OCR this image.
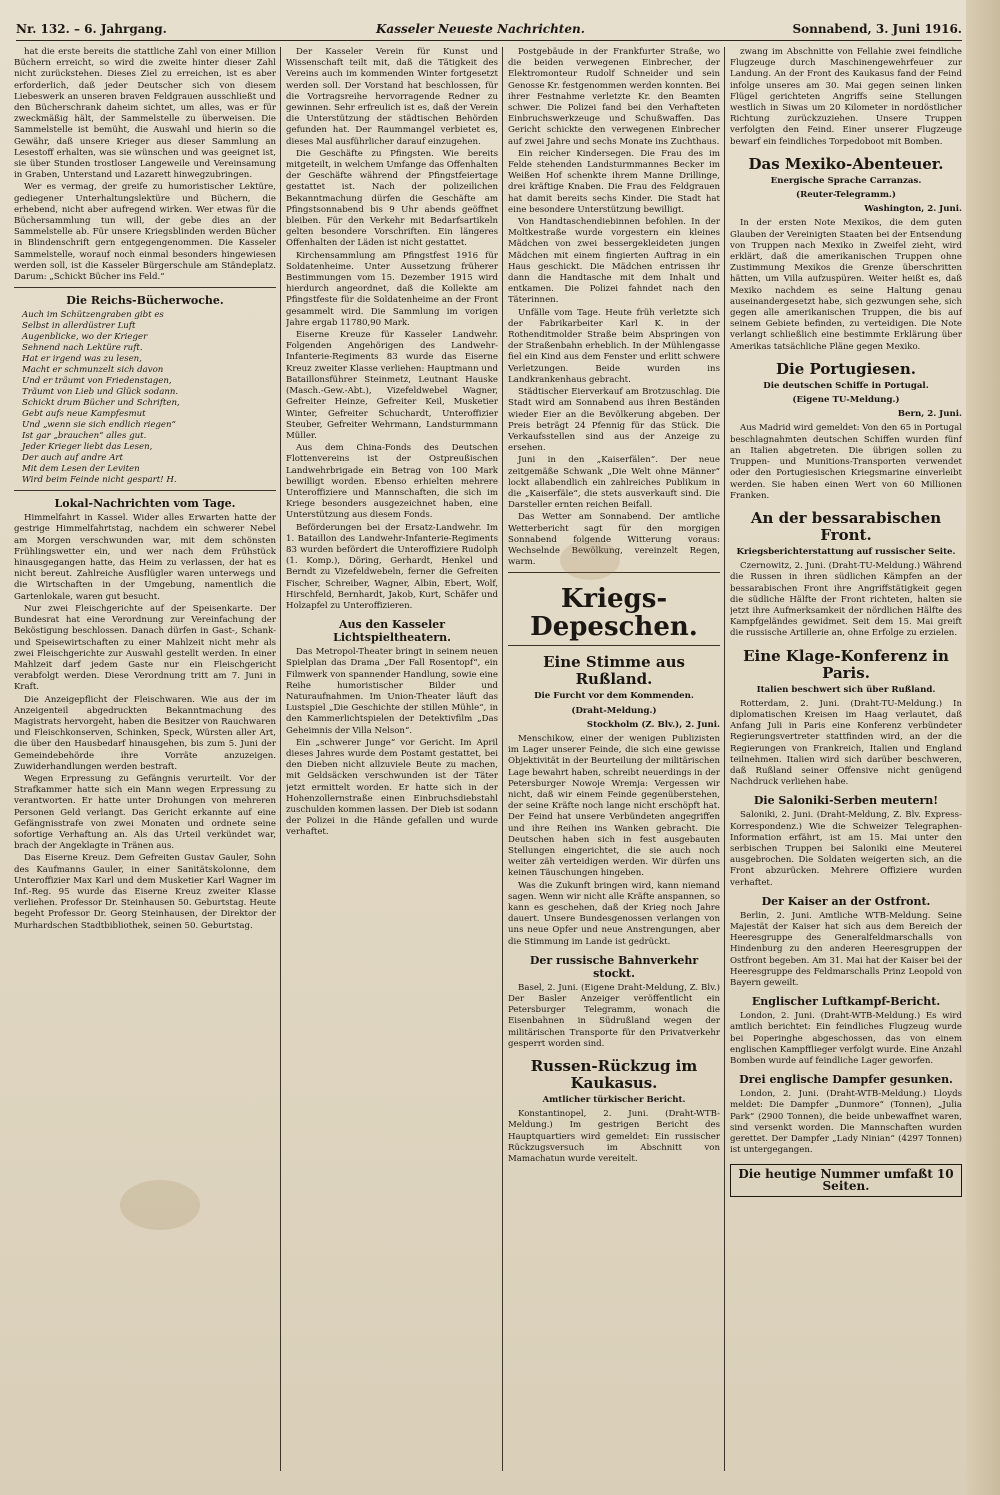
Nr. 132. – 6. Jahrgang.	Kasseler Neueste Nachrichten.	Sonnabend, 3. Juni 1916.

hat die erste bereits die stattliche Zahl von einer Million Büchern erreicht, so wird die zweite hinter dieser Zahl nicht zurückstehen. Dieses Ziel zu erreichen, ist es aber erforderlich, daß jeder Deutscher sich von diesem Liebeswerk an unseren braven Feldgrauen ausschließt und den Bücherschrank daheim sichtet, um alles, was er für zweckmäßig hält, der Sammelstelle zu überweisen. Die Sammelstelle ist bemüht, die Auswahl und hierin so die Gewähr, daß unsere Krieger aus dieser Sammlung an Lesestoff erhalten, was sie wünschen und was geeignet ist, sie über Stunden trostloser Langeweile und Vereinsamung in Graben, Unterstand und Lazarett hinwegzubringen.

Wer es vermag, der greife zu humoristischer Lektüre, gediegener Unterhaltungslektüre und Büchern, die erhebend, nicht aber aufregend wirken. Wer etwas für die Büchersammlung tun will, der gebe dies an der Sammelstelle ab. Für unsere Kriegsblinden werden Bücher in Blindenschrift gern entgegengenommen. Die Kasseler Sammelstelle, worauf noch einmal besonders hingewiesen werden soll, ist die Kasseler Bürgerschule am Ständeplatz. Darum: „Schickt Bücher ins Feld.“

Die Reichs-Bücherwoche.
Auch im Schützengraben gibt es
Selbst in allerdüstrer Luft
Augenblicke, wo der Krieger
Sehnend nach Lektüre ruft.
Hat er irgend was zu lesen,
Macht er schmunzelt sich davon
Und er träumt von Friedenstagen,
Träumt von Lieb und Glück sodann.
Schickt drum Bücher und Schriften,
Gebt aufs neue Kampfesmut
Und „wenn sie sich endlich riegen“
Ist gar „brauchen“ alles gut.
Jeder Krieger liebt das Lesen,
Der auch auf andre Art
Mit dem Lesen der Leviten
Wird beim Feinde nicht gespart! H.
Lokal-Nachrichten vom Tage.

Himmelfahrt in Kassel. Wider alles Erwarten hatte der gestrige Himmelfahrtstag, nachdem ein schwerer Nebel am Morgen verschwunden war, mit dem schönsten Frühlingswetter ein, und wer nach dem Frühstück hinausgegangen hatte, das Heim zu verlassen, der hat es nicht bereut. Zahlreiche Ausflügler waren unterwegs und die Wirtschaften in der Umgebung, namentlich die Gartenlokale, waren gut besucht.

Nur zwei Fleischgerichte auf der Speisenkarte. Der Bundesrat hat eine Verordnung zur Vereinfachung der Beköstigung beschlossen. Danach dürfen in Gast-, Schank- und Speisewirtschaften zu einer Mahlzeit nicht mehr als zwei Fleischgerichte zur Auswahl gestellt werden. In einer Mahlzeit darf jedem Gaste nur ein Fleischgericht verabfolgt werden. Diese Verordnung tritt am 7. Juni in Kraft.

Die Anzeigepflicht der Fleischwaren. Wie aus der im Anzeigenteil abgedruckten Bekanntmachung des Magistrats hervorgeht, haben die Besitzer von Rauchwaren und Fleischkonserven, Schinken, Speck, Würsten aller Art, die über den Hausbedarf hinausgehen, bis zum 5. Juni der Gemeindebehörde ihre Vorräte anzuzeigen. Zuwiderhandlungen werden bestraft.

Wegen Erpressung zu Gefängnis verurteilt. Vor der Strafkammer hatte sich ein Mann wegen Erpressung zu verantworten. Er hatte unter Drohungen von mehreren Personen Geld verlangt. Das Gericht erkannte auf eine Gefängnisstrafe von zwei Monaten und ordnete seine sofortige Verhaftung an. Als das Urteil verkündet war, brach der Angeklagte in Tränen aus.

Das Eiserne Kreuz. Dem Gefreiten Gustav Gauler, Sohn des Kaufmanns Gauler, in einer Sanitätskolonne, dem Unteroffizier Max Karl und dem Musketier Karl Wagner im Inf.-Reg. 95 wurde das Eiserne Kreuz zweiter Klasse verliehen. Professor Dr. Steinhausen 50. Geburtstag. Heute begeht Professor Dr. Georg Steinhausen, der Direktor der Murhardschen Stadtbibliothek, seinen 50. Geburtstag.

Der Kasseler Verein für Kunst und Wissenschaft teilt mit, daß die Tätigkeit des Vereins auch im kommenden Winter fortgesetzt werden soll. Der Vorstand hat beschlossen, für die Vortragsreihe hervorragende Redner zu gewinnen. Sehr erfreulich ist es, daß der Verein die Unterstützung der städtischen Behörden gefunden hat. Der Raummangel verbietet es, dieses Mal ausführlicher darauf einzugehen.

Die Geschäfte zu Pfingsten. Wie bereits mitgeteilt, in welchem Umfange das Offenhalten der Geschäfte während der Pfingstfeiertage gestattet ist. Nach der polizeilichen Bekanntmachung dürfen die Geschäfte am Pfingstsonnabend bis 9 Uhr abends geöffnet bleiben. Für den Verkehr mit Bedarfsartikeln gelten besondere Vorschriften. Ein längeres Offenhalten der Läden ist nicht gestattet.

Kirchensammlung am Pfingstfest 1916 für Soldatenheime. Unter Aussetzung früherer Bestimmungen vom 15. Dezember 1915 wird hierdurch angeordnet, daß die Kollekte am Pfingstfeste für die Soldatenheime an der Front gesammelt wird. Die Sammlung im vorigen Jahre ergab 11780,90 Mark.

Eiserne Kreuze für Kasseler Landwehr. Folgenden Angehörigen des Landwehr-Infanterie-Regiments 83 wurde das Eiserne Kreuz zweiter Klasse verliehen: Hauptmann und Bataillonsführer Steinmetz, Leutnant Hauske (Masch.-Gew.-Abt.), Vizefeldwebel Wagner, Gefreiter Heinze, Gefreiter Keil, Musketier Winter, Gefreiter Schuchardt, Unteroffizier Steuber, Gefreiter Wehrmann, Landsturmmann Müller.

Aus dem China-Fonds des Deutschen Flottenvereins ist der Ostpreußischen Landwehrbrigade ein Betrag von 100 Mark bewilligt worden. Ebenso erhielten mehrere Unteroffiziere und Mannschaften, die sich im Kriege besonders ausgezeichnet haben, eine Unterstützung aus diesem Fonds.

Beförderungen bei der Ersatz-Landwehr. Im 1. Bataillon des Landwehr-Infanterie-Regiments 83 wurden befördert die Unteroffiziere Rudolph (1. Komp.), Döring, Gerhardt, Henkel und Berndt zu Vizefeldwebeln, ferner die Gefreiten Fischer, Schreiber, Wagner, Albin, Ebert, Wolf, Hirschfeld, Bernhardt, Jakob, Kurt, Schäfer und Holzapfel zu Unteroffizieren.

Aus den Kasseler Lichtspieltheatern.

Das Metropol-Theater bringt in seinem neuen Spielplan das Drama „Der Fall Rosentopf“, ein Filmwerk von spannender Handlung, sowie eine Reihe humoristischer Bilder und Naturaufnahmen. Im Union-Theater läuft das Lustspiel „Die Geschichte der stillen Mühle“, in den Kammerlichtspielen der Detektivfilm „Das Geheimnis der Villa Nelson“.

Ein „schwerer Junge“ vor Gericht. Im April dieses Jahres wurde dem Postamt gestattet, bei den Dieben nicht allzuviele Beute zu machen, mit Geldsäcken verschwunden ist der Täter jetzt ermittelt worden. Er hatte sich in der Hohenzollernstraße einen Einbruchsdiebstahl zuschulden kommen lassen. Der Dieb ist sodann der Polizei in die Hände gefallen und wurde verhaftet.

Postgebäude in der Frankfurter Straße, wo die beiden verwegenen Einbrecher, der Elektromonteur Rudolf Schneider und sein Genosse Kr. festgenommen werden konnten. Bei ihrer Festnahme verletzte Kr. den Beamten schwer. Die Polizei fand bei den Verhafteten Einbruchswerkzeuge und Schußwaffen. Das Gericht schickte den verwegenen Einbrecher auf zwei Jahre und sechs Monate ins Zuchthaus.

Ein reicher Kindersegen. Die Frau des im Felde stehenden Landsturmmannes Becker im Weißen Hof schenkte ihrem Manne Drillinge, drei kräftige Knaben. Die Frau des Feldgrauen hat damit bereits sechs Kinder. Die Stadt hat eine besondere Unterstützung bewilligt.

Von Handtaschendiebinnen befohlen. In der Moltkestraße wurde vorgestern ein kleines Mädchen von zwei bessergekleideten jungen Mädchen mit einem fingierten Auftrag in ein Haus geschickt. Die Mädchen entrissen ihr dann die Handtasche mit dem Inhalt und entkamen. Die Polizei fahndet nach den Täterinnen.

Unfälle vom Tage. Heute früh verletzte sich der Fabrikarbeiter Karl K. in der Rothenditmolder Straße beim Abspringen von der Straßenbahn erheblich. In der Mühlengasse fiel ein Kind aus dem Fenster und erlitt schwere Verletzungen. Beide wurden ins Landkrankenhaus gebracht.

Städtischer Eierverkauf am Brotzuschlag. Die Stadt wird am Sonnabend aus ihren Beständen wieder Eier an die Bevölkerung abgeben. Der Preis beträgt 24 Pfennig für das Stück. Die Verkaufsstellen sind aus der Anzeige zu ersehen.

Juni in den „Kaiserfälen“. Der neue zeitgemäße Schwank „Die Welt ohne Männer“ lockt allabendlich ein zahlreiches Publikum in die „Kaiserfäle“, die stets ausverkauft sind. Die Darsteller ernten reichen Beifall.

Das Wetter am Sonnabend. Der amtliche Wetterbericht sagt für den morgigen Sonnabend folgende Witterung voraus: Wechselnde Bewölkung, vereinzelt Regen, warm.

Kriegs-Depeschen.
Eine Stimme aus Rußland.
Die Furcht vor dem Kommenden.
(Draht-Meldung.)
Stockholm (Z. Blv.), 2. Juni.

Menschikow, einer der wenigen Publizisten im Lager unserer Feinde, die sich eine gewisse Objektivität in der Beurteilung der militärischen Lage bewahrt haben, schreibt neuerdings in der Petersburger Nowoje Wremja: Vergessen wir nicht, daß wir einem Feinde gegenüberstehen, der seine Kräfte noch lange nicht erschöpft hat. Der Feind hat unsere Verbündeten angegriffen und ihre Reihen ins Wanken gebracht. Die Deutschen haben sich in fest ausgebauten Stellungen eingerichtet, die sie auch noch weiter zäh verteidigen werden. Wir dürfen uns keinen Täuschungen hingeben.

Was die Zukunft bringen wird, kann niemand sagen. Wenn wir nicht alle Kräfte anspannen, so kann es geschehen, daß der Krieg noch Jahre dauert. Unsere Bundesgenossen verlangen von uns neue Opfer und neue Anstrengungen, aber die Stimmung im Lande ist gedrückt.

Der russische Bahnverkehr stockt.

Basel, 2. Juni. (Eigene Draht-Meldung, Z. Blv.) Der Basler Anzeiger veröffentlicht ein Petersburger Telegramm, wonach die Eisenbahnen in Südrußland wegen der militärischen Transporte für den Privatverkehr gesperrt worden sind.

Russen-Rückzug im Kaukasus.
Amtlicher türkischer Bericht.

Konstantinopel, 2. Juni. (Draht-WTB-Meldung.) Im gestrigen Bericht des Hauptquartiers wird gemeldet: Ein russischer Rückzugsversuch im Abschnitt von Mamachatun wurde vereitelt.

zwang im Abschnitte von Fellahie zwei feindliche Flugzeuge durch Maschinengewehrfeuer zur Landung. An der Front des Kaukasus fand der Feind infolge unseres am 30. Mai gegen seinen linken Flügel gerichteten Angriffs seine Stellungen westlich in Siwas um 20 Kilometer in nordöstlicher Richtung zurückzuziehen. Unsere Truppen verfolgten den Feind. Einer unserer Flugzeuge bewarf ein feindliches Torpedoboot mit Bomben.

Das Mexiko-Abenteuer.
Energische Sprache Carranzas.
(Reuter-Telegramm.)
Washington, 2. Juni.

In der ersten Note Mexikos, die dem guten Glauben der Vereinigten Staaten bei der Entsendung von Truppen nach Mexiko in Zweifel zieht, wird erklärt, daß die amerikanischen Truppen ohne Zustimmung Mexikos die Grenze überschritten hätten, um Villa aufzuspüren. Weiter heißt es, daß Mexiko nachdem es seine Haltung genau auseinandergesetzt habe, sich gezwungen sehe, sich gegen alle amerikanischen Truppen, die bis auf seinem Gebiete befinden, zu verteidigen. Die Note verlangt schließlich eine bestimmte Erklärung über Amerikas tatsächliche Pläne gegen Mexiko.

Die Portugiesen.
Die deutschen Schiffe in Portugal.
(Eigene TU-Meldung.)
Bern, 2. Juni.

Aus Madrid wird gemeldet: Von den 65 in Portugal beschlagnahmten deutschen Schiffen wurden fünf an Italien abgetreten. Die übrigen sollen zu Truppen- und Munitions-Transporten verwendet oder den Portugiesischen Kriegsmarine einverleibt werden. Sie haben einen Wert von 60 Millionen Franken.

An der bessarabischen Front.
Kriegsberichterstattung auf russischer Seite.

Czernowitz, 2. Juni. (Draht-TU-Meldung.) Während die Russen in ihren südlichen Kämpfen an der bessarabischen Front ihre Angriffstätigkeit gegen die südliche Hälfte der Front richteten, halten sie jetzt ihre Aufmerksamkeit der nördlichen Hälfte des Kampfgeländes gewidmet. Seit dem 15. Mai greift die russische Artillerie an, ohne Erfolge zu erzielen.

Eine Klage-Konferenz in Paris.
Italien beschwert sich über Rußland.

Rotterdam, 2. Juni. (Draht-TU-Meldung.) In diplomatischen Kreisen im Haag verlautet, daß Anfang Juli in Paris eine Konferenz verbündeter Regierungsvertreter stattfinden wird, an der die Regierungen von Frankreich, Italien und England teilnehmen. Italien wird sich darüber beschweren, daß Rußland seiner Offensive nicht genügend Nachdruck verliehen habe.

Die Saloniki-Serben meutern!

Saloniki, 2. Juni. (Draht-Meldung, Z. Blv. Express-Korrespondenz.) Wie die Schweizer Telegraphen-Information erfährt, ist am 15. Mai unter den serbischen Truppen bei Saloniki eine Meuterei ausgebrochen. Die Soldaten weigerten sich, an die Front abzurücken. Mehrere Offiziere wurden verhaftet.

Der Kaiser an der Ostfront.

Berlin, 2. Juni. Amtliche WTB-Meldung. Seine Majestät der Kaiser hat sich aus dem Bereich der Heeresgruppe des Generalfeldmarschalls von Hindenburg zu den anderen Heeresgruppen der Ostfront begeben. Am 31. Mai hat der Kaiser bei der Heeresgruppe des Feldmarschalls Prinz Leopold von Bayern geweilt.

Englischer Luftkampf-Bericht.

London, 2. Juni. (Draht-WTB-Meldung.) Es wird amtlich berichtet: Ein feindliches Flugzeug wurde bei Poperinghe abgeschossen, das von einem englischen Kampfflieger verfolgt wurde. Eine Anzahl Bomben wurde auf feindliche Lager geworfen.

Drei englische Dampfer gesunken.

London, 2. Juni. (Draht-WTB-Meldung.) Lloyds meldet: Die Dampfer „Dunmore“ (Tonnen), „Julia Park“ (2900 Tonnen), die beide unbewaffnet waren, sind versenkt worden. Die Mannschaften wurden gerettet. Der Dampfer „Lady Ninian“ (4297 Tonnen) ist untergegangen.

Die heutige Nummer umfaßt 10 Seiten.
